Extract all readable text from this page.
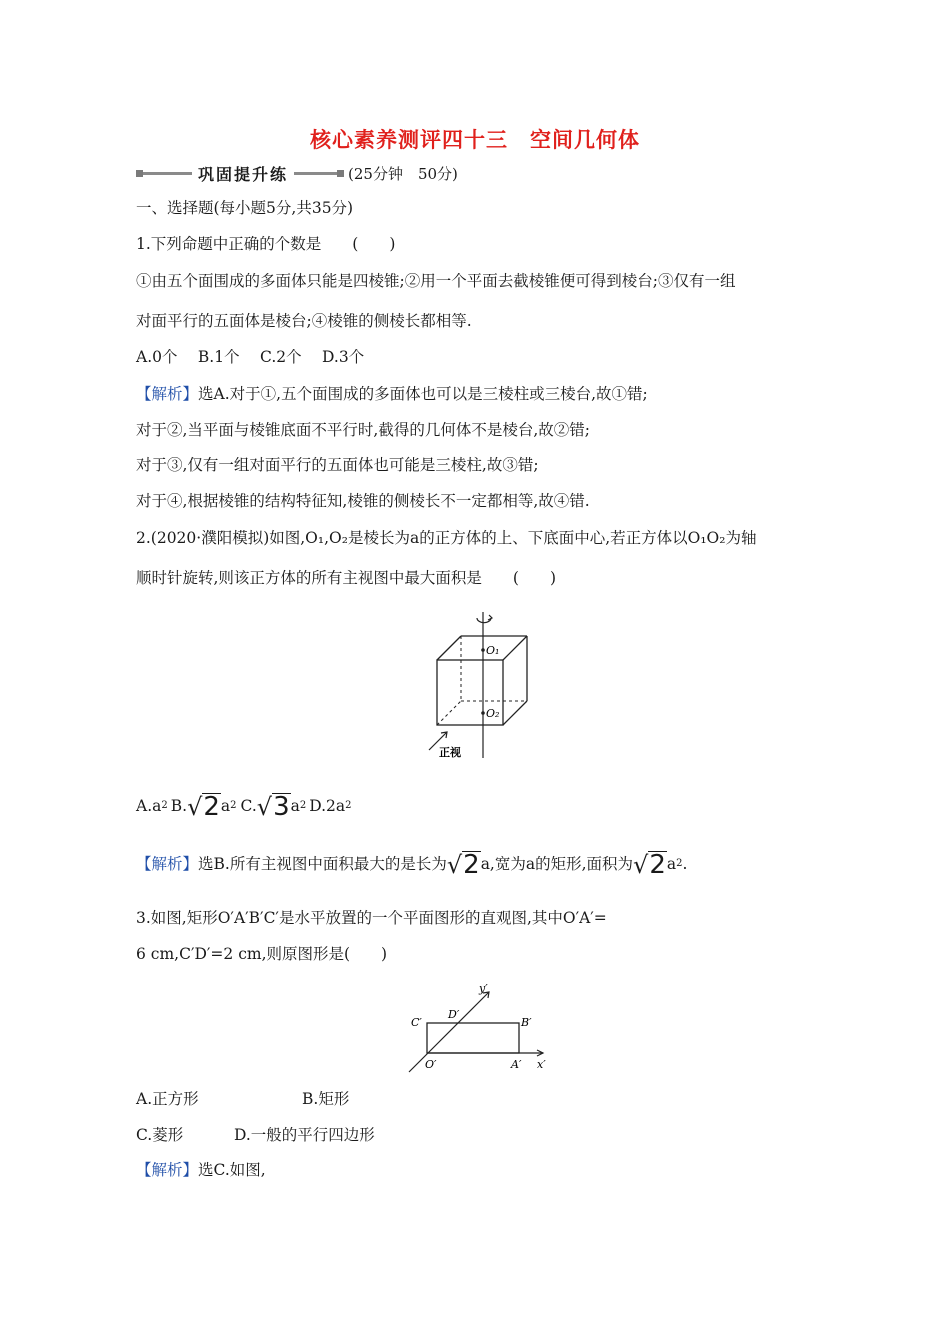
核心素养测评四十三　空间几何体
巩固提升练	(25分钟　50分)
一、选择题(每小题5分,共35分)
1.下列命题中正确的个数是　　(　　)
①由五个面围成的多面体只能是四棱锥;②用一个平面去截棱锥便可得到棱台;③仅有一组
对面平行的五面体是棱台;④棱锥的侧棱长都相等.
A.0个　 B.1个　 C.2个　 D.3个
【解析】选A.对于①,五个面围成的多面体也可以是三棱柱或三棱台,故①错;
对于②,当平面与棱锥底面不平行时,截得的几何体不是棱台,故②错;
对于③,仅有一组对面平行的五面体也可能是三棱柱,故③错;
对于④,根据棱锥的结构特征知,棱锥的侧棱长不一定都相等,故④错.
2.(2020·濮阳模拟)如图,O₁,O₂是棱长为a的正方体的上、下底面中心,若正方体以O₁O₂为轴
顺时针旋转,则该正方体的所有主视图中最大面积是　　(　　)
O₁
O₂
正视
A.a 2 B. √ 2 a 2 C. √ 3 a 2 D.2a 2
【解析】 选B.所有主视图中面积最大的是长为 √ 2 a,宽为a的矩形,面积为 √ 2 a 2 .
3.如图,矩形O′A′B′C′是水平放置的一个平面图形的直观图,其中O′A′=
6 cm,C′D′=2 cm,则原图形是(　　)
C′
D′
B′
O′	A′ x′
y′
A.正方形	B.矩形
C.菱形	D.一般的平行四边形
【解析】选C.如图,
